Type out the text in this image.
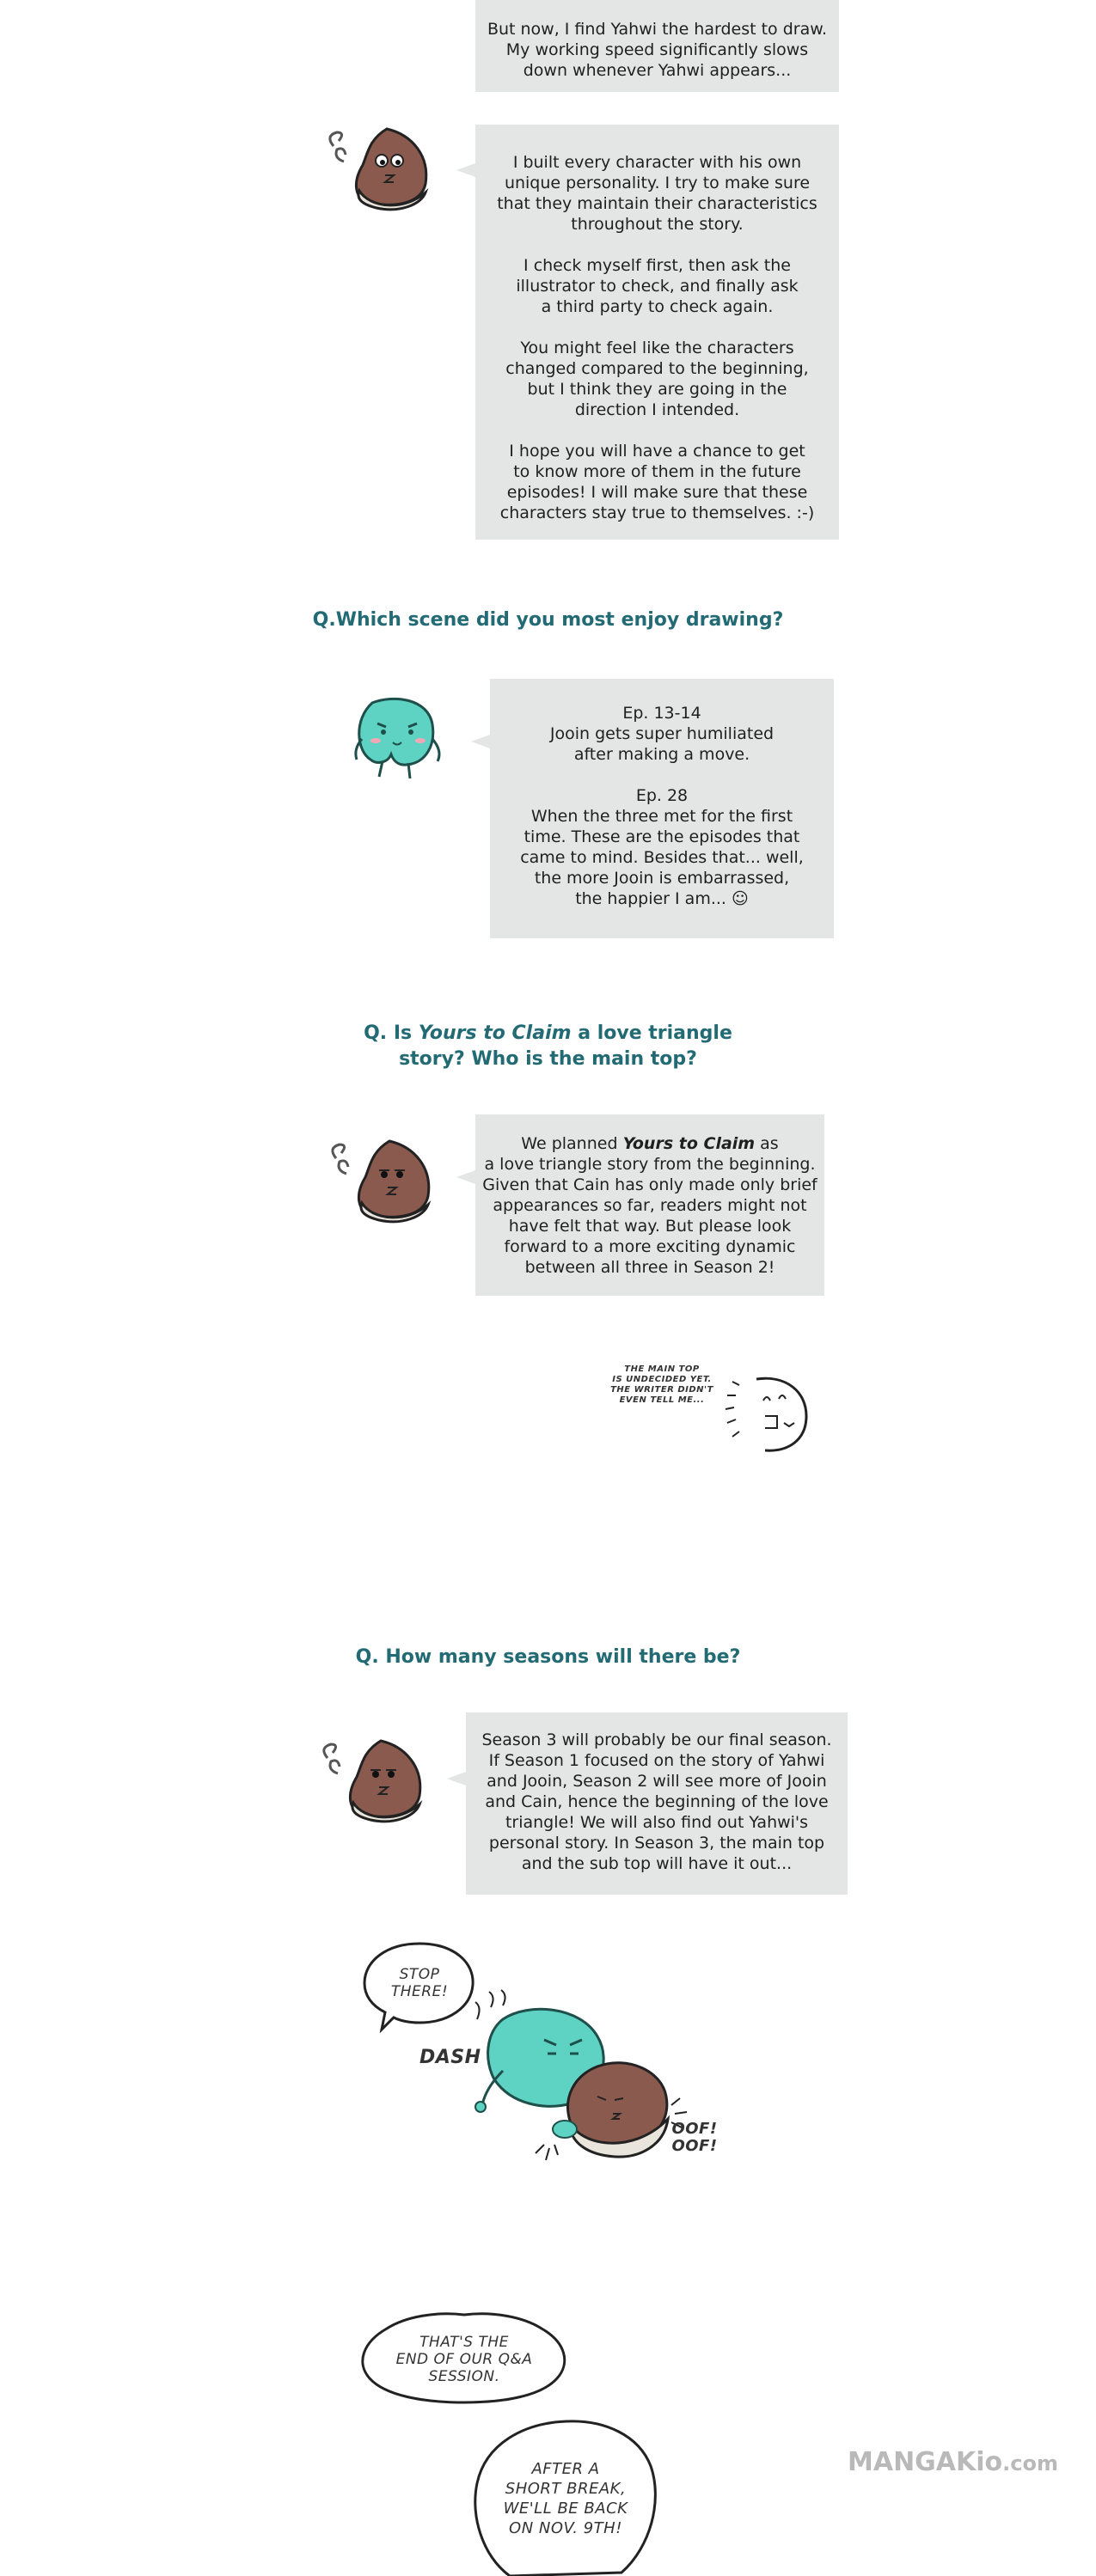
But now, I find Yahwi the hardest to draw.
My working speed significantly slows
down whenever Yahwi appears...

I built every character with his own
unique personality. I try to make sure
that they maintain their characteristics
throughout the story.

I check myself first, then ask the
illustrator to check, and finally ask
a third party to check again.

You might feel like the characters
changed compared to the beginning,
but I think they are going in the
direction I intended.

I hope you will have a chance to get
to know more of them in the future
episodes! I will make sure that these
characters stay true to themselves. :-)

Q.Which scene did you most enjoy drawing?

Ep. 13-14
Jooin gets super humiliated
after making a move.

Ep. 28
When the three met for the first
time. These are the episodes that
came to mind. Besides that... well,
the more Jooin is embarrassed,
the happier I am... ☺

Q. Is Yours to Claim a love triangle
story? Who is the main top?

We planned Yours to Claim as
a love triangle story from the beginning.
Given that Cain has only made only brief
appearances so far, readers might not
have felt that way. But please look
forward to a more exciting dynamic
between all three in Season 2!

THE MAIN TOP
IS UNDECIDED YET.
THE WRITER DIDN'T
EVEN TELL ME...
Q. How many seasons will there be?

Season 3 will probably be our final season.
If Season 1 focused on the story of Yahwi
and Jooin, Season 2 will see more of Jooin
and Cain, hence the beginning of the love
triangle! We will also find out Yahwi's
personal story. In Season 3, the main top
and the sub top will have it out...

STOP
THERE!
DASH
OOF!
OOF!
THAT'S THE
END OF OUR Q&A
SESSION.
AFTER A
SHORT BREAK,
WE'LL BE BACK
ON NOV. 9TH!
MANGAKio.com
